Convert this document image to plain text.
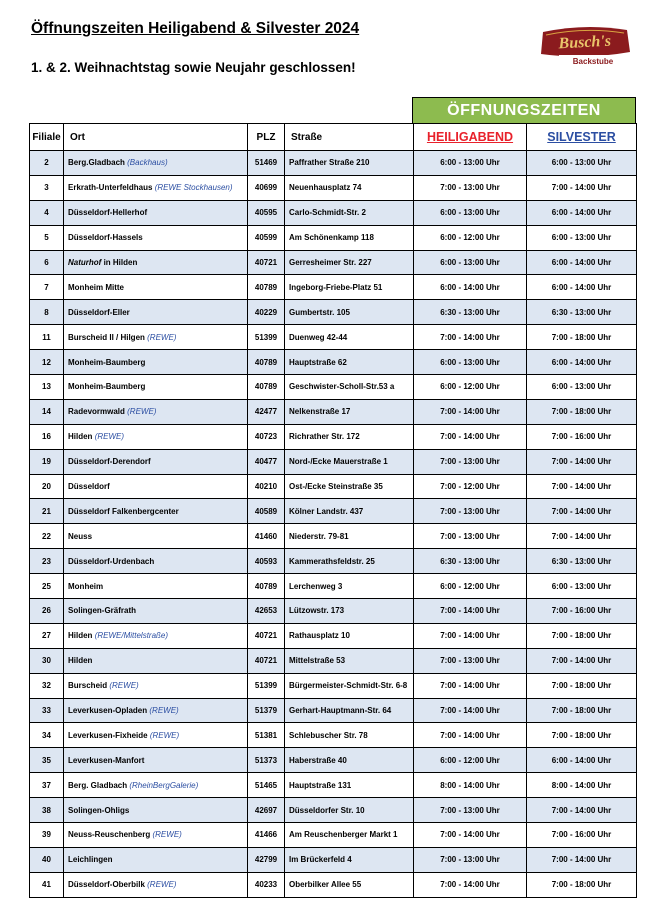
Öffnungszeiten Heiligabend & Silvester 2024
1. & 2. Weihnachtstag sowie Neujahr geschlossen!
Busch's
Backstube
ÖFFNUNGSZEITEN
Filiale	Ort	PLZ	Straße	HEILIGABEND	SILVESTER
2	Berg.Gladbach (Backhaus)	51469	Paffrather Straße 210	6:00 - 13:00 Uhr	6:00 - 13:00 Uhr
3	Erkrath-Unterfeldhaus (REWE Stockhausen)	40699	Neuenhausplatz 74	7:00 - 13:00 Uhr	7:00 - 14:00 Uhr
4	Düsseldorf-Hellerhof	40595	Carlo-Schmidt-Str. 2	6:00 - 13:00 Uhr	6:00 - 14:00 Uhr
5	Düsseldorf-Hassels	40599	Am Schönenkamp 118	6:00 - 12:00 Uhr	6:00 - 13:00 Uhr
6	Naturhof in Hilden	40721	Gerresheimer Str. 227	6:00 - 13:00 Uhr	6:00 - 14:00 Uhr
7	Monheim Mitte	40789	Ingeborg-Friebe-Platz 51	6:00 - 14:00 Uhr	6:00 - 14:00 Uhr
8	Düsseldorf-Eller	40229	Gumbertstr. 105	6:30 - 13:00 Uhr	6:30 - 13:00 Uhr
11	Burscheid II / Hilgen (REWE)	51399	Duenweg 42-44	7:00 - 14:00 Uhr	7:00 - 18:00 Uhr
12	Monheim-Baumberg	40789	Hauptstraße 62	6:00 - 13:00 Uhr	6:00 - 14:00 Uhr
13	Monheim-Baumberg	40789	Geschwister-Scholl-Str.53 a	6:00 - 12:00 Uhr	6:00 - 13:00 Uhr
14	Radevormwald (REWE)	42477	Nelkenstraße 17	7:00 - 14:00 Uhr	7:00 - 18:00 Uhr
16	Hilden (REWE)	40723	Richrather Str. 172	7:00 - 14:00 Uhr	7:00 - 16:00 Uhr
19	Düsseldorf-Derendorf	40477	Nord-/Ecke Mauerstraße 1	7:00 - 13:00 Uhr	7:00 - 14:00 Uhr
20	Düsseldorf	40210	Ost-/Ecke Steinstraße 35	7:00 - 12:00 Uhr	7:00 - 14:00 Uhr
21	Düsseldorf Falkenbergcenter	40589	Kölner Landstr. 437	7:00 - 13:00 Uhr	7:00 - 14:00 Uhr
22	Neuss	41460	Niederstr. 79-81	7:00 - 13:00 Uhr	7:00 - 14:00 Uhr
23	Düsseldorf-Urdenbach	40593	Kammerathsfeldstr. 25	6:30 - 13:00 Uhr	6:30 - 13:00 Uhr
25	Monheim	40789	Lerchenweg 3	6:00 - 12:00 Uhr	6:00 - 13:00 Uhr
26	Solingen-Gräfrath	42653	Lützowstr. 173	7:00 - 14:00 Uhr	7:00 - 16:00 Uhr
27	Hilden (REWE/Mittelstraße)	40721	Rathausplatz 10	7:00 - 14:00 Uhr	7:00 - 18:00 Uhr
30	Hilden	40721	Mittelstraße 53	7:00 - 13:00 Uhr	7:00 - 14:00 Uhr
32	Burscheid (REWE)	51399	Bürgermeister-Schmidt-Str. 6-8	7:00 - 14:00 Uhr	7:00 - 18:00 Uhr
33	Leverkusen-Opladen (REWE)	51379	Gerhart-Hauptmann-Str. 64	7:00 - 14:00 Uhr	7:00 - 18:00 Uhr
34	Leverkusen-Fixheide (REWE)	51381	Schlebuscher Str. 78	7:00 - 14:00 Uhr	7:00 - 18:00 Uhr
35	Leverkusen-Manfort	51373	Haberstraße 40	6:00 - 12:00 Uhr	6:00 - 14:00 Uhr
37	Berg. Gladbach (RheinBergGalerie)	51465	Hauptstraße 131	8:00 - 14:00 Uhr	8:00 - 14:00 Uhr
38	Solingen-Ohligs	42697	Düsseldorfer Str. 10	7:00 - 13:00 Uhr	7:00 - 14:00 Uhr
39	Neuss-Reuschenberg (REWE)	41466	Am Reuschenberger Markt 1	7:00 - 14:00 Uhr	7:00 - 16:00 Uhr
40	Leichlingen	42799	Im Brückerfeld 4	7:00 - 13:00 Uhr	7:00 - 14:00 Uhr
41	Düsseldorf-Oberbilk (REWE)	40233	Oberbilker Allee 55	7:00 - 14:00 Uhr	7:00 - 18:00 Uhr
